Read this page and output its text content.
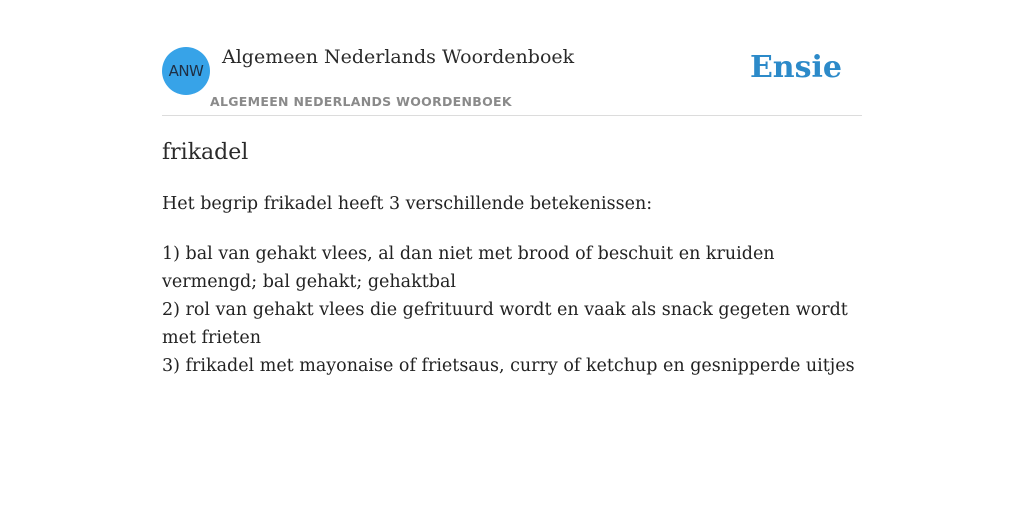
ANW
Algemeen Nederlands Woordenboek
ALGEMEEN NEDERLANDS WOORDENBOEK
Ensie
frikadel
Het begrip frikadel heeft 3 verschillende betekenissen:
1) bal van gehakt vlees, al dan niet met brood of beschuit en kruiden vermengd; bal gehakt; gehaktbal
2) rol van gehakt vlees die gefrituurd wordt en vaak als snack gegeten wordt met frieten
3) frikadel met mayonaise of frietsaus, curry of ketchup en gesnipperde uitjes
